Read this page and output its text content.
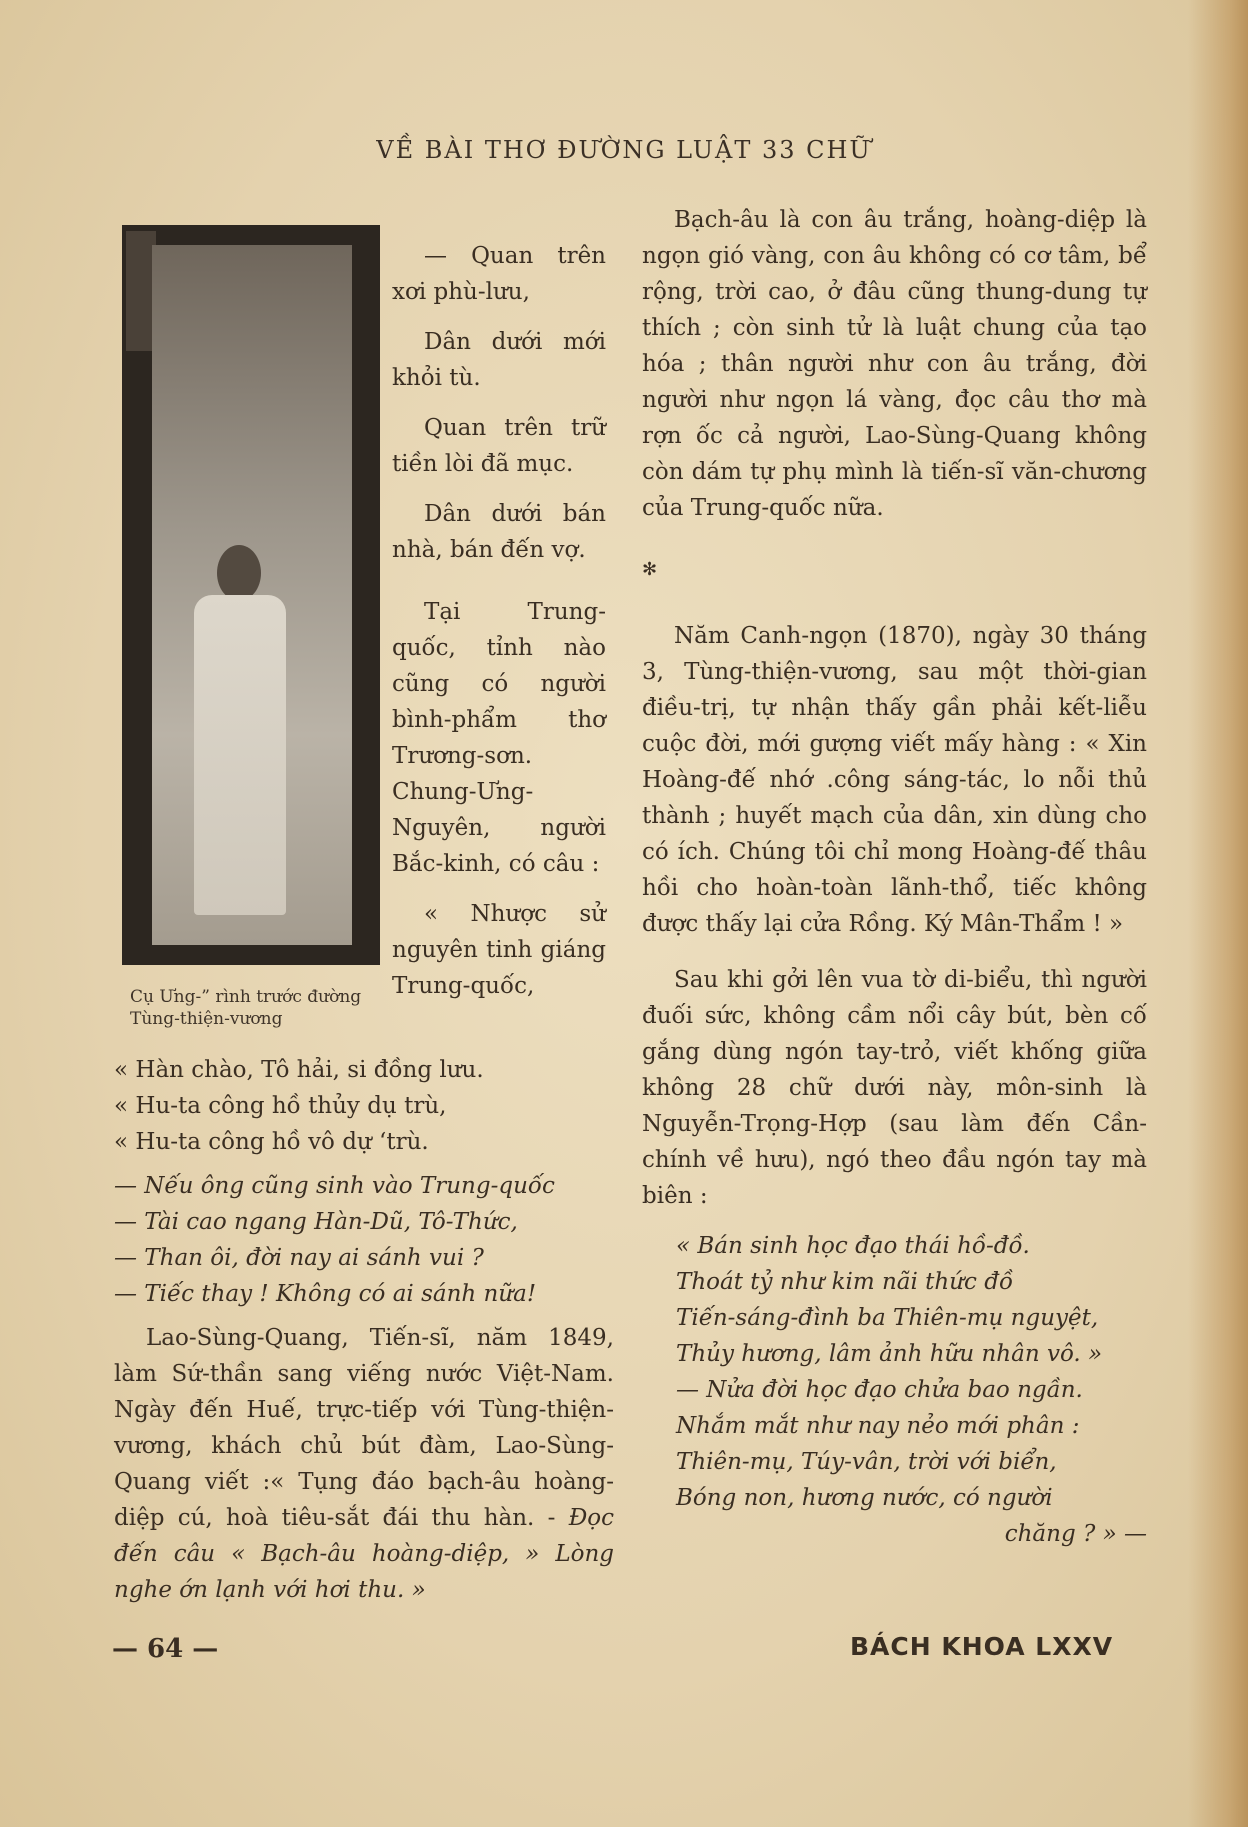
VỀ BÀI THƠ ĐƯỜNG LUẬT 33 CHỮ
Cụ Ưng-” rình trước đường Tùng-thiện-vương

— Quan trên xơi phù-lưu,

Dân dưới mới khỏi tù.

Quan trên trữ tiền lòi đã mục.

Dân dưới bán nhà, bán đến vợ.

Tại Trung-quốc, tỉnh nào cũng có người bình-phẩm thơ Trương-sơn. Chung-Ưng-Nguyên, người Bắc-kinh, có câu :

« Nhược sử nguyên tinh giáng Trung-quốc,

« Hàn chào, Tô hải, si đồng lưu.
« Hu-ta công hồ thủy dụ trù,
« Hu-ta công hồ vô dự ‘trù.
— Nếu ông cũng sinh vào Trung-quốc
— Tài cao ngang Hàn-Dũ, Tô-Thức,
— Than ôi, đời nay ai sánh vui ?
— Tiếc thay ! Không có ai sánh nữa!

Lao-Sùng-Quang, Tiến-sĩ, năm 1849, làm Sứ-thần sang viếng nước Việt-Nam. Ngày đến Huế, trực-tiếp với Tùng-thiện-vương, khách chủ bút đàm, Lao-Sùng-Quang viết :« Tụng đáo bạch-âu hoàng-diệp cú, hoà tiêu-sắt đái thu hàn. - Đọc đến câu « Bạch-âu hoàng-diệp, » Lòng nghe ớn lạnh với hơi thu. »

Bạch-âu là con âu trắng, hoàng-diệp là ngọn gió vàng, con âu không có cơ tâm, bể rộng, trời cao, ở đâu cũng thung-dung tự thích ; còn sinh tử là luật chung của tạo hóa ; thân người như con âu trắng, đời người như ngọn lá vàng, đọc câu thơ mà rợn ốc cả người, Lao-Sùng-Quang không còn dám tự phụ mình là tiến-sĩ văn-chương của Trung-quốc nữa.

✻

Năm Canh-ngọn (1870), ngày 30 tháng 3, Tùng-thiện-vương, sau một thời-gian điều-trị, tự nhận thấy gần phải kết-liễu cuộc đời, mới gượng viết mấy hàng : « Xin Hoàng-đế nhớ .công sáng-tác, lo nỗi thủ thành ; huyết mạch của dân, xin dùng cho có ích. Chúng tôi chỉ mong Hoàng-đế thâu hồi cho hoàn-toàn lãnh-thổ, tiếc không được thấy lại cửa Rồng. Ký Mân-Thẩm ! »

Sau khi gởi lên vua tờ di-biểu, thì người đuối sức, không cầm nổi cây bút, bèn cố gắng dùng ngón tay-trỏ, viết khống giữa không 28 chữ dưới này, môn-sinh là Nguyễn-Trọng-Hợp (sau làm đến Cần-chính về hưu), ngó theo đầu ngón tay mà biên :

« Bán sinh học đạo thái hồ-đồ.
Thoát tỷ như kim nãi thức đồ
Tiến-sáng-đình ba Thiên-mụ nguyệt,
Thủy hương, lâm ảnh hữu nhân vô. »
— Nửa đời học đạo chửa bao ngần.
Nhắm mắt như nay nẻo mới phân :
Thiên-mụ, Túy-vân, trời với biển,
Bóng non, hương nước, có người
chăng ? » —
— 64 —	BÁCH KHOA LXXV
